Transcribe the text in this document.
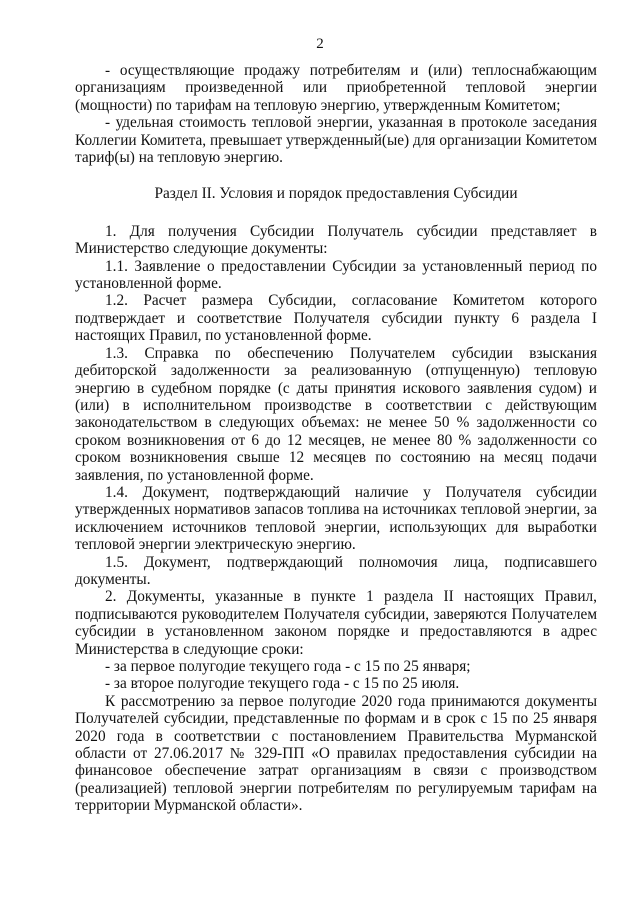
2

- осуществляющие продажу потребителям и (или) теплоснабжающим организациям произведенной или приобретенной тепловой энергии (мощности) по тарифам на тепловую энергию, утвержденным Комитетом;

- удельная стоимость тепловой энергии, указанная в протоколе заседания Коллегии Комитета, превышает утвержденный(ые) для организации Комитетом тариф(ы) на тепловую энергию.

Раздел II. Условия и порядок предоставления Субсидии

1. Для получения Субсидии Получатель субсидии представляет в Министерство следующие документы:

1.1. Заявление о предоставлении Субсидии за установленный период по установленной форме.

1.2. Расчет размера Субсидии, согласование Комитетом которого подтверждает и соответствие Получателя субсидии пункту 6 раздела I настоящих Правил, по установленной форме.

1.3. Справка по обеспечению Получателем субсидии взыскания дебиторской задолженности за реализованную (отпущенную) тепловую энергию в судебном порядке (с даты принятия искового заявления судом) и (или) в исполнительном производстве в соответствии с действующим законодательством в следующих объемах: не менее 50 % задолженности со сроком возникновения от 6 до 12 месяцев, не менее 80 % задолженности со сроком возникновения свыше 12 месяцев по состоянию на месяц подачи заявления, по установленной форме.

1.4. Документ, подтверждающий наличие у Получателя субсидии утвержденных нормативов запасов топлива на источниках тепловой энергии, за исключением источников тепловой энергии, использующих для выработки тепловой энергии электрическую энергию.

1.5. Документ, подтверждающий полномочия лица, подписавшего документы.

2. Документы, указанные в пункте 1 раздела II настоящих Правил, подписываются руководителем Получателя субсидии, заверяются Получателем субсидии в установленном законом порядке и предоставляются в адрес Министерства в следующие сроки:

- за первое полугодие текущего года - с 15 по 25 января;

- за второе полугодие текущего года - с 15 по 25 июля.

К рассмотрению за первое полугодие 2020 года принимаются документы Получателей субсидии, представленные по формам и в срок с 15 по 25 января 2020 года в соответствии с постановлением Правительства Мурманской области от 27.06.2017 № 329-ПП «О правилах предоставления субсидии на финансовое обеспечение затрат организациям в связи с производством (реализацией) тепловой энергии потребителям по регулируемым тарифам на территории Мурманской области».
